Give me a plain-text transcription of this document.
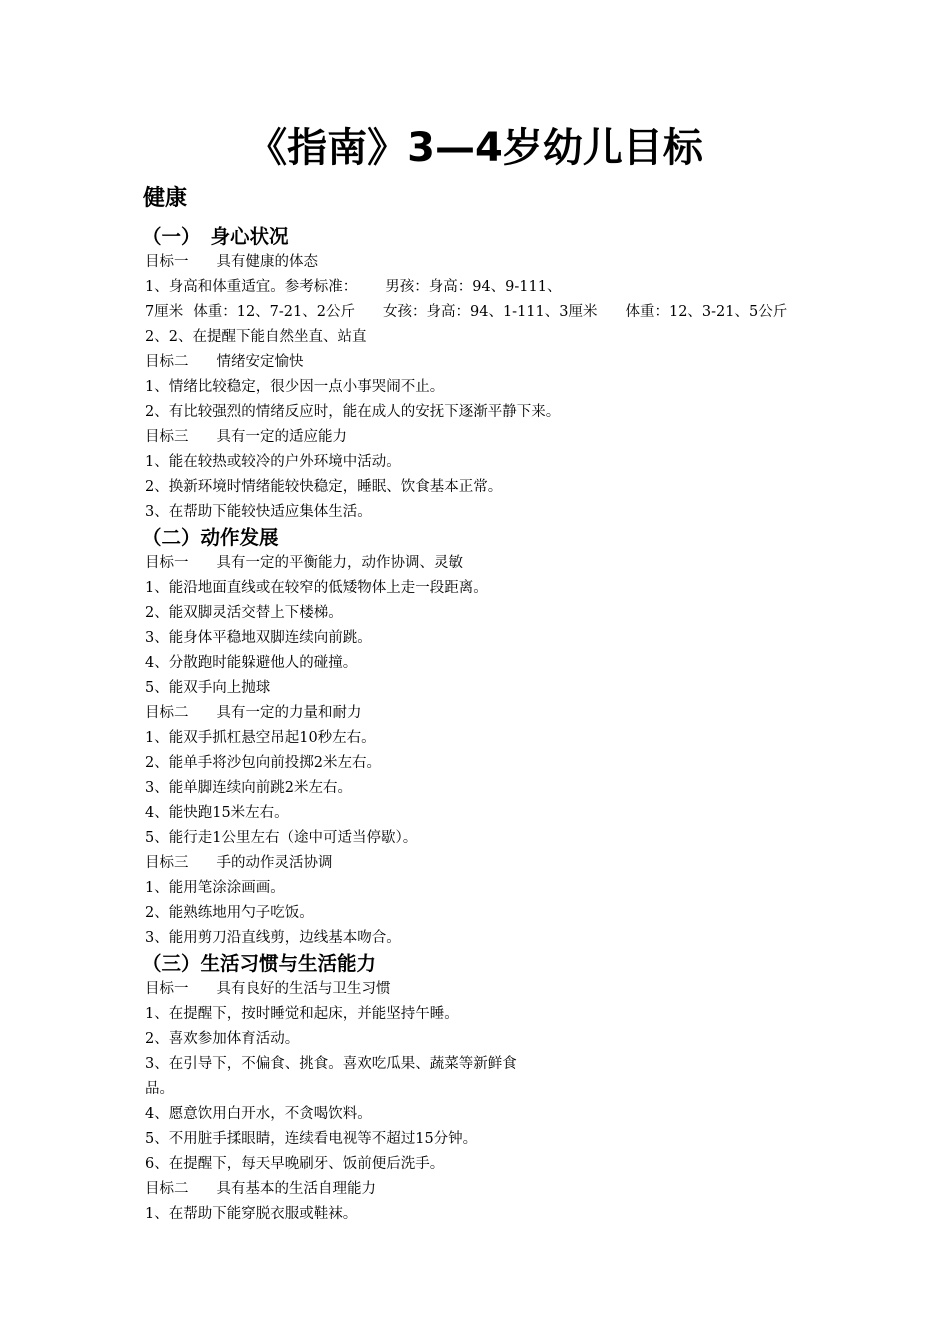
《指南》3—4岁幼儿目标
健康
（一） 身心状况
目标一 具有健康的体态
1、身高和体重适宜。参考标准： 男孩：身高：94、9-111、
7厘米 体重：12、7-21、2公斤 女孩：身高：94、1-111、3厘米 体重：12、3-21、5公斤
2、2、在提醒下能自然坐直、站直
目标二 情绪安定愉快
1、情绪比较稳定，很少因一点小事哭闹不止。
2、有比较强烈的情绪反应时，能在成人的安抚下逐渐平静下来。
目标三 具有一定的适应能力
1、能在较热或较冷的户外环境中活动。
2、换新环境时情绪能较快稳定，睡眠、饮食基本正常。
3、在帮助下能较快适应集体生活。
（二）动作发展
目标一 具有一定的平衡能力，动作协调、灵敏
1、能沿地面直线或在较窄的低矮物体上走一段距离。
2、能双脚灵活交替上下楼梯。
3、能身体平稳地双脚连续向前跳。
4、分散跑时能躲避他人的碰撞。
5、能双手向上抛球
目标二 具有一定的力量和耐力
1、能双手抓杠悬空吊起10秒左右。
2、能单手将沙包向前投掷2米左右。
3、能单脚连续向前跳2米左右。
4、能快跑15米左右。
5、能行走1公里左右（途中可适当停歇）。
目标三 手的动作灵活协调
1、能用笔涂涂画画。
2、能熟练地用勺子吃饭。
3、能用剪刀沿直线剪，边线基本吻合。
（三）生活习惯与生活能力
目标一 具有良好的生活与卫生习惯
1、在提醒下，按时睡觉和起床，并能坚持午睡。
2、喜欢参加体育活动。
3、在引导下，不偏食、挑食。喜欢吃瓜果、蔬菜等新鲜食
品。
4、愿意饮用白开水，不贪喝饮料。
5、不用脏手揉眼睛，连续看电视等不超过15分钟。
6、在提醒下，每天早晚刷牙、饭前便后洗手。
目标二 具有基本的生活自理能力
1、在帮助下能穿脱衣服或鞋袜。
